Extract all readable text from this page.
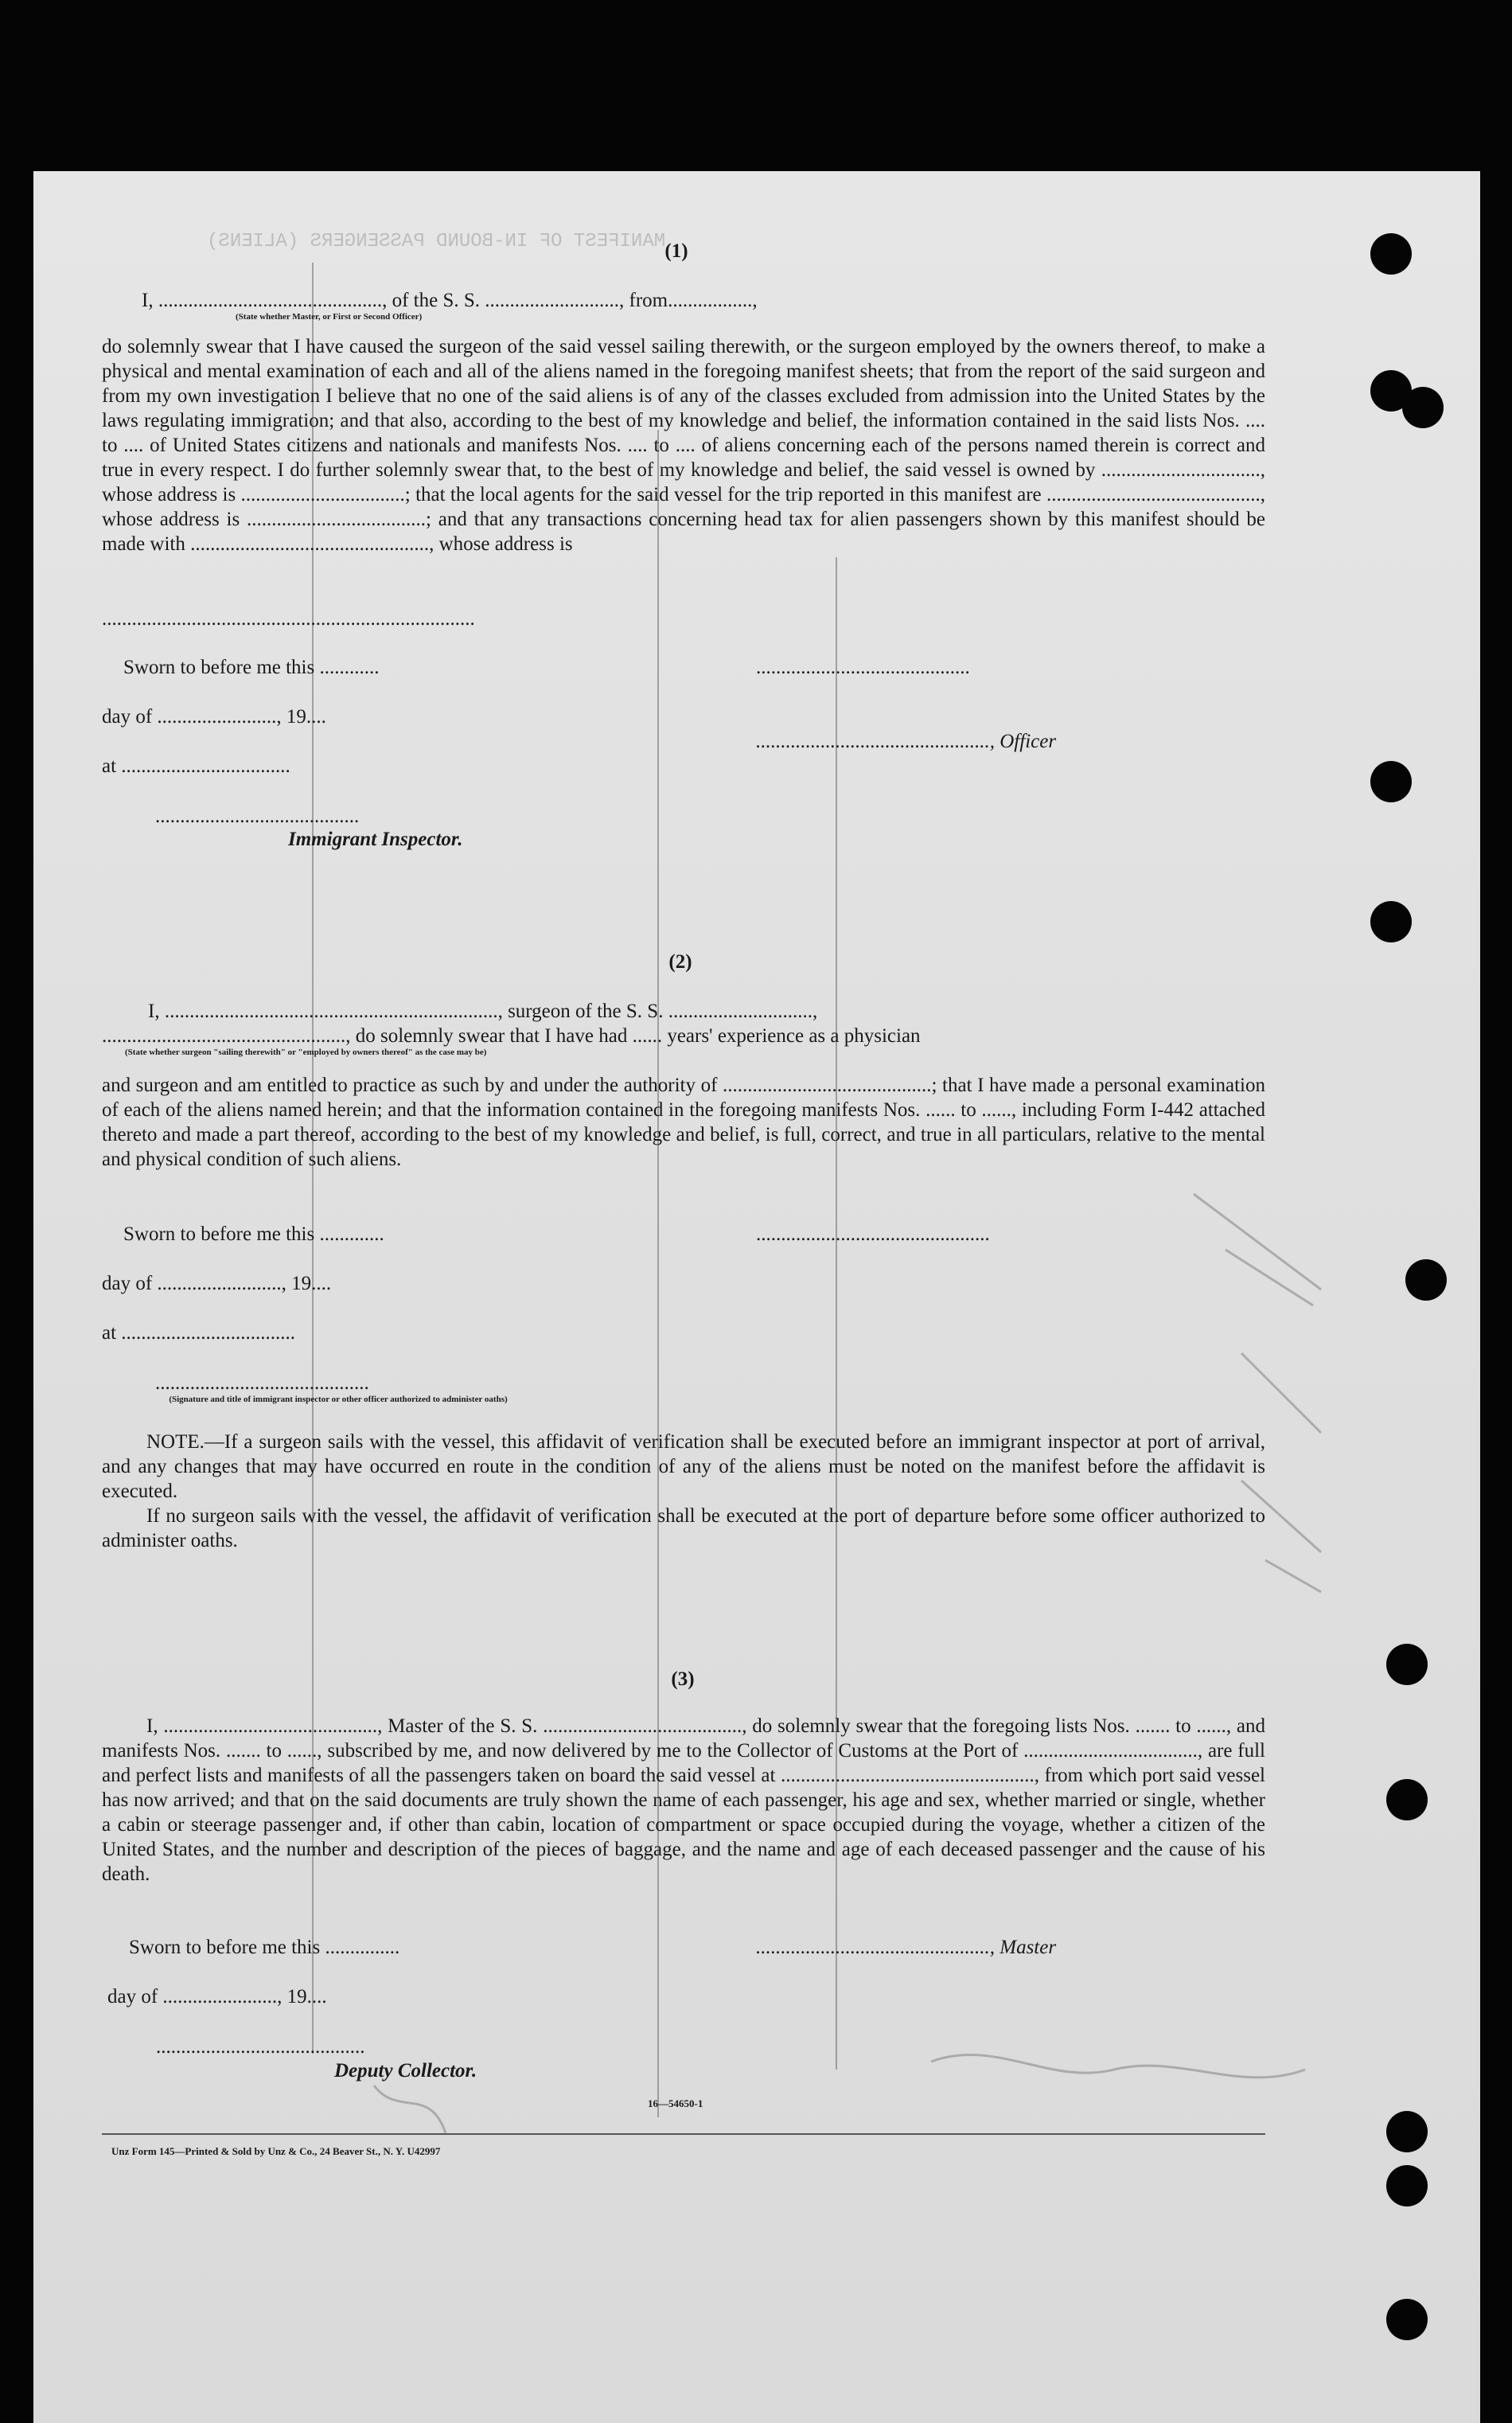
MANIFEST OF IN-BOUND PASSENGERS (ALIENS) (1)
I, ............................................., of the S. S. ..........................., from.................,
(State whether Master, or First or Second Officer)
do solemnly swear that I have caused the surgeon of the said vessel sailing therewith, or the surgeon employed by the owners thereof, to make a physical and mental examination of each and all of the aliens named in the foregoing manifest sheets; that from the report of the said surgeon and from my own investigation I believe that no one of the said aliens is of any of the classes excluded from admission into the United States by the laws regulating immigration; and that also, according to the best of my knowledge and belief, the information contained in the said lists Nos. .... to .... of United States citizens and nationals and manifests Nos. .... to .... of aliens concerning each of the persons named therein is correct and true in every respect. I do further solemnly swear that, to the best of my knowledge and belief, the said vessel is owned by ................................, whose address is .................................; that the local agents for the said vessel for the trip reported in this manifest are ..........................................., whose address is ....................................; and that any transactions concerning head tax for alien passengers shown by this manifest should be made with ................................................, whose address is
...........................................................................
Sworn to before me this ............	...........................................
day of ........................, 19....
..............................................., Officer
at ..................................
.........................................
Immigrant Inspector.
(2)
I, ..................................................................., surgeon of the S. S. .............................,
................................................., do solemnly swear that I have had ...... years' experience as a physician
(State whether surgeon "sailing therewith" or "employed by owners thereof" as the case may be)
and surgeon and am entitled to practice as such by and under the authority of ..........................................; that I have made a personal examination of each of the aliens named herein; and that the information contained in the foregoing manifests Nos. ...... to ......, including Form I-442 attached thereto and made a part thereof, according to the best of my knowledge and belief, is full, correct, and true in all particulars, relative to the mental and physical condition of such aliens.
Sworn to before me this .............	...............................................
day of ........................., 19....
at ...................................
...........................................
(Signature and title of immigrant inspector or other officer authorized to administer oaths)
NOTE.—If a surgeon sails with the vessel, this affidavit of verification shall be executed before an immigrant inspector at port of arrival, and any changes that may have occurred en route in the condition of any of the aliens must be noted on the manifest before the affidavit is executed.
If no surgeon sails with the vessel, the affidavit of verification shall be executed at the port of departure before some officer authorized to administer oaths.
(3)
I, ..........................................., Master of the S. S. ........................................, do solemnly swear that the foregoing lists Nos. ....... to ......, and manifests Nos. ....... to ......, subscribed by me, and now delivered by me to the Collector of Customs at the Port of ..................................., are full and perfect lists and manifests of all the passengers taken on board the said vessel at ..................................................., from which port said vessel has now arrived; and that on the said documents are truly shown the name of each passenger, his age and sex, whether married or single, whether a cabin or steerage passenger and, if other than cabin, location of compartment or space occupied during the voyage, whether a citizen of the United States, and the number and description of the pieces of baggage, and the name and age of each deceased passenger and the cause of his death.
Sworn to before me this ...............	..............................................., Master
day of ......................., 19....
..........................................
Deputy Collector.
16—54650-1
Unz Form 145—Printed & Sold by Unz & Co., 24 Beaver St., N. Y. U42997
